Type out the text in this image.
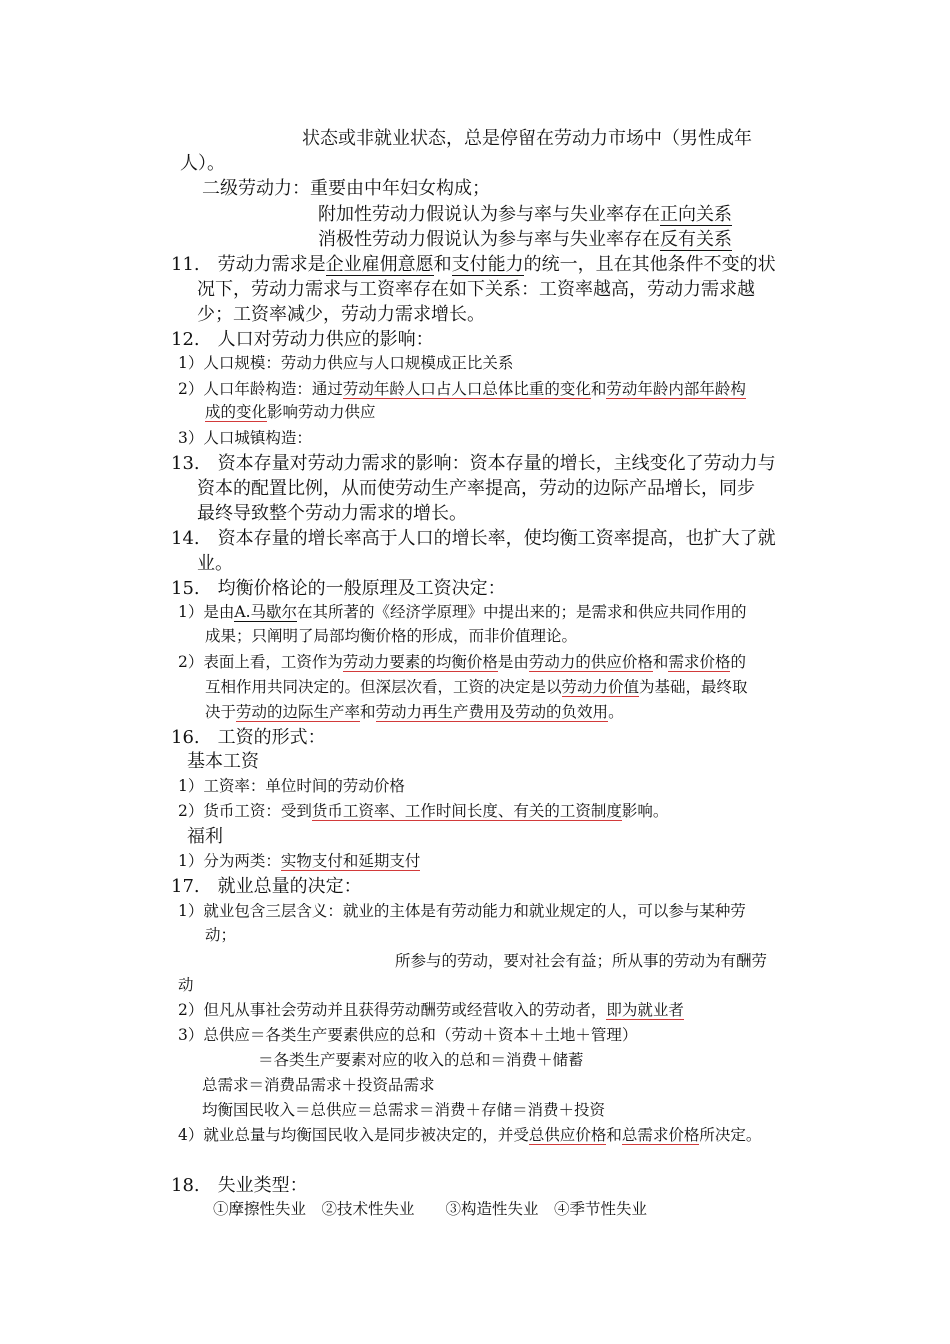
状态或非就业状态，总是停留在劳动力市场中（男性成年
人）。
二级劳动力：重要由中年妇女构成；
附加性劳动力假说认为参与率与失业率存在正向关系
消极性劳动力假说认为参与率与失业率存在反有关系
11.　劳动力需求是企业雇佣意愿和支付能力的统一，且在其他条件不变的状
况下，劳动力需求与工资率存在如下关系：工资率越高，劳动力需求越
少；工资率减少，劳动力需求增长。
12.　人口对劳动力供应的影响：
1）人口规模：劳动力供应与人口规模成正比关系
2）人口年龄构造：通过劳动年龄人口占人口总体比重的变化和劳动年龄内部年龄构
成的变化影响劳动力供应
3）人口城镇构造：
13.　资本存量对劳动力需求的影响：资本存量的增长，主线变化了劳动力与
资本的配置比例，从而使劳动生产率提高，劳动的边际产品增长，同步
最终导致整个劳动力需求的增长。
14.　资本存量的增长率高于人口的增长率，使均衡工资率提高，也扩大了就
业。
15.　均衡价格论的一般原理及工资决定：
1）是由A.马歇尔在其所著的《经济学原理》中提出来的；是需求和供应共同作用的
成果；只阐明了局部均衡价格的形成，而非价值理论。
2）表面上看，工资作为劳动力要素的均衡价格是由劳动力的供应价格和需求价格的
互相作用共同决定的。但深层次看，工资的决定是以劳动力价值为基础，最终取
决于劳动的边际生产率和劳动力再生产费用及劳动的负效用。
16.　工资的形式：
基本工资
1）工资率：单位时间的劳动价格
2）货币工资：受到货币工资率、工作时间长度、有关的工资制度影响。
福利
1）分为两类：实物支付和延期支付
17.　就业总量的决定：
1）就业包含三层含义：就业的主体是有劳动能力和就业规定的人，可以参与某种劳
动；
所参与的劳动，要对社会有益；所从事的劳动为有酬劳
动
2）但凡从事社会劳动并且获得劳动酬劳或经营收入的劳动者，即为就业者
3）总供应＝各类生产要素供应的总和（劳动＋资本＋土地＋管理）
＝各类生产要素对应的收入的总和＝消费＋储蓄
总需求＝消费品需求＋投资品需求
均衡国民收入＝总供应＝总需求＝消费＋存储＝消费＋投资
4）就业总量与均衡国民收入是同步被决定的，并受总供应价格和总需求价格所决定。
18.　失业类型：
①摩擦性失业　②技术性失业　　③构造性失业　④季节性失业
